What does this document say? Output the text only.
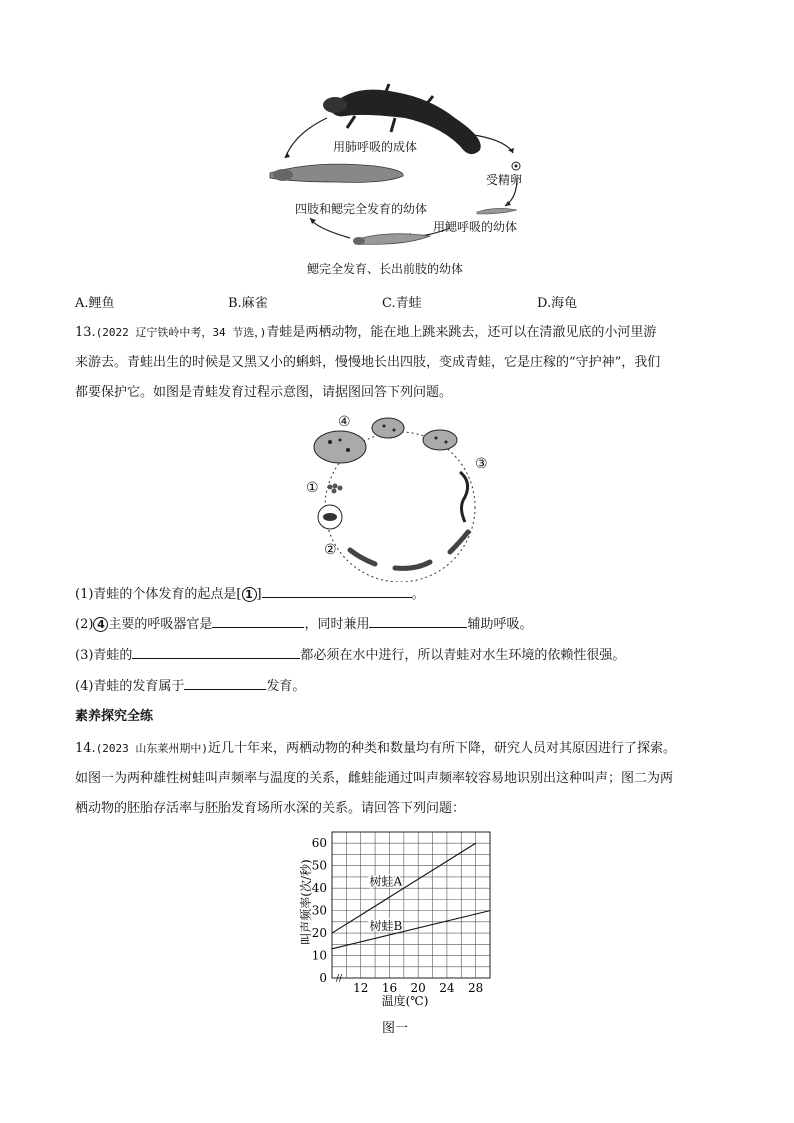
用肺呼吸的成体
受精卵
四肢和鳃完全发育的幼体
用鳃呼吸的幼体
鳃完全发育、长出前肢的幼体
A.鲤鱼	B.麻雀	C.青蛙	D.海龟
13.(2022 辽宁铁岭中考，34 节选，)青蛙是两栖动物，能在地上跳来跳去，还可以在清澈见底的小河里游
来游去。青蛙出生的时候是又黑又小的蝌蚪，慢慢地长出四肢，变成青蛙，它是庄稼的“守护神”，我们
都要保护它。如图是青蛙发育过程示意图，请据图回答下列问题。
④
③
①
②
(1)青蛙的个体发育的起点是[ 1 ]	。
(2) 4 主要的呼吸器官是	，同时兼用	辅助呼吸。
(3)青蛙的	都必须在水中进行，所以青蛙对水生环境的依赖性很强。
(4)青蛙的发育属于	发育。
素养探究全练
14.(2023 山东莱州期中)近几十年来，两栖动物的种类和数量均有所下降，研究人员对其原因进行了探索。
如图一为两种雄性树蛙叫声频率与温度的关系，雌蛙能通过叫声频率较容易地识别出这种叫声；图二为两
栖动物的胚胎存活率与胚胎发育场所水深的关系。请回答下列问题：
//
0
10
20
30
40
50
60
12 16 20 24 28
树蛙A
树蛙B
温度(℃)
叫声频率(次/秒)
图一
